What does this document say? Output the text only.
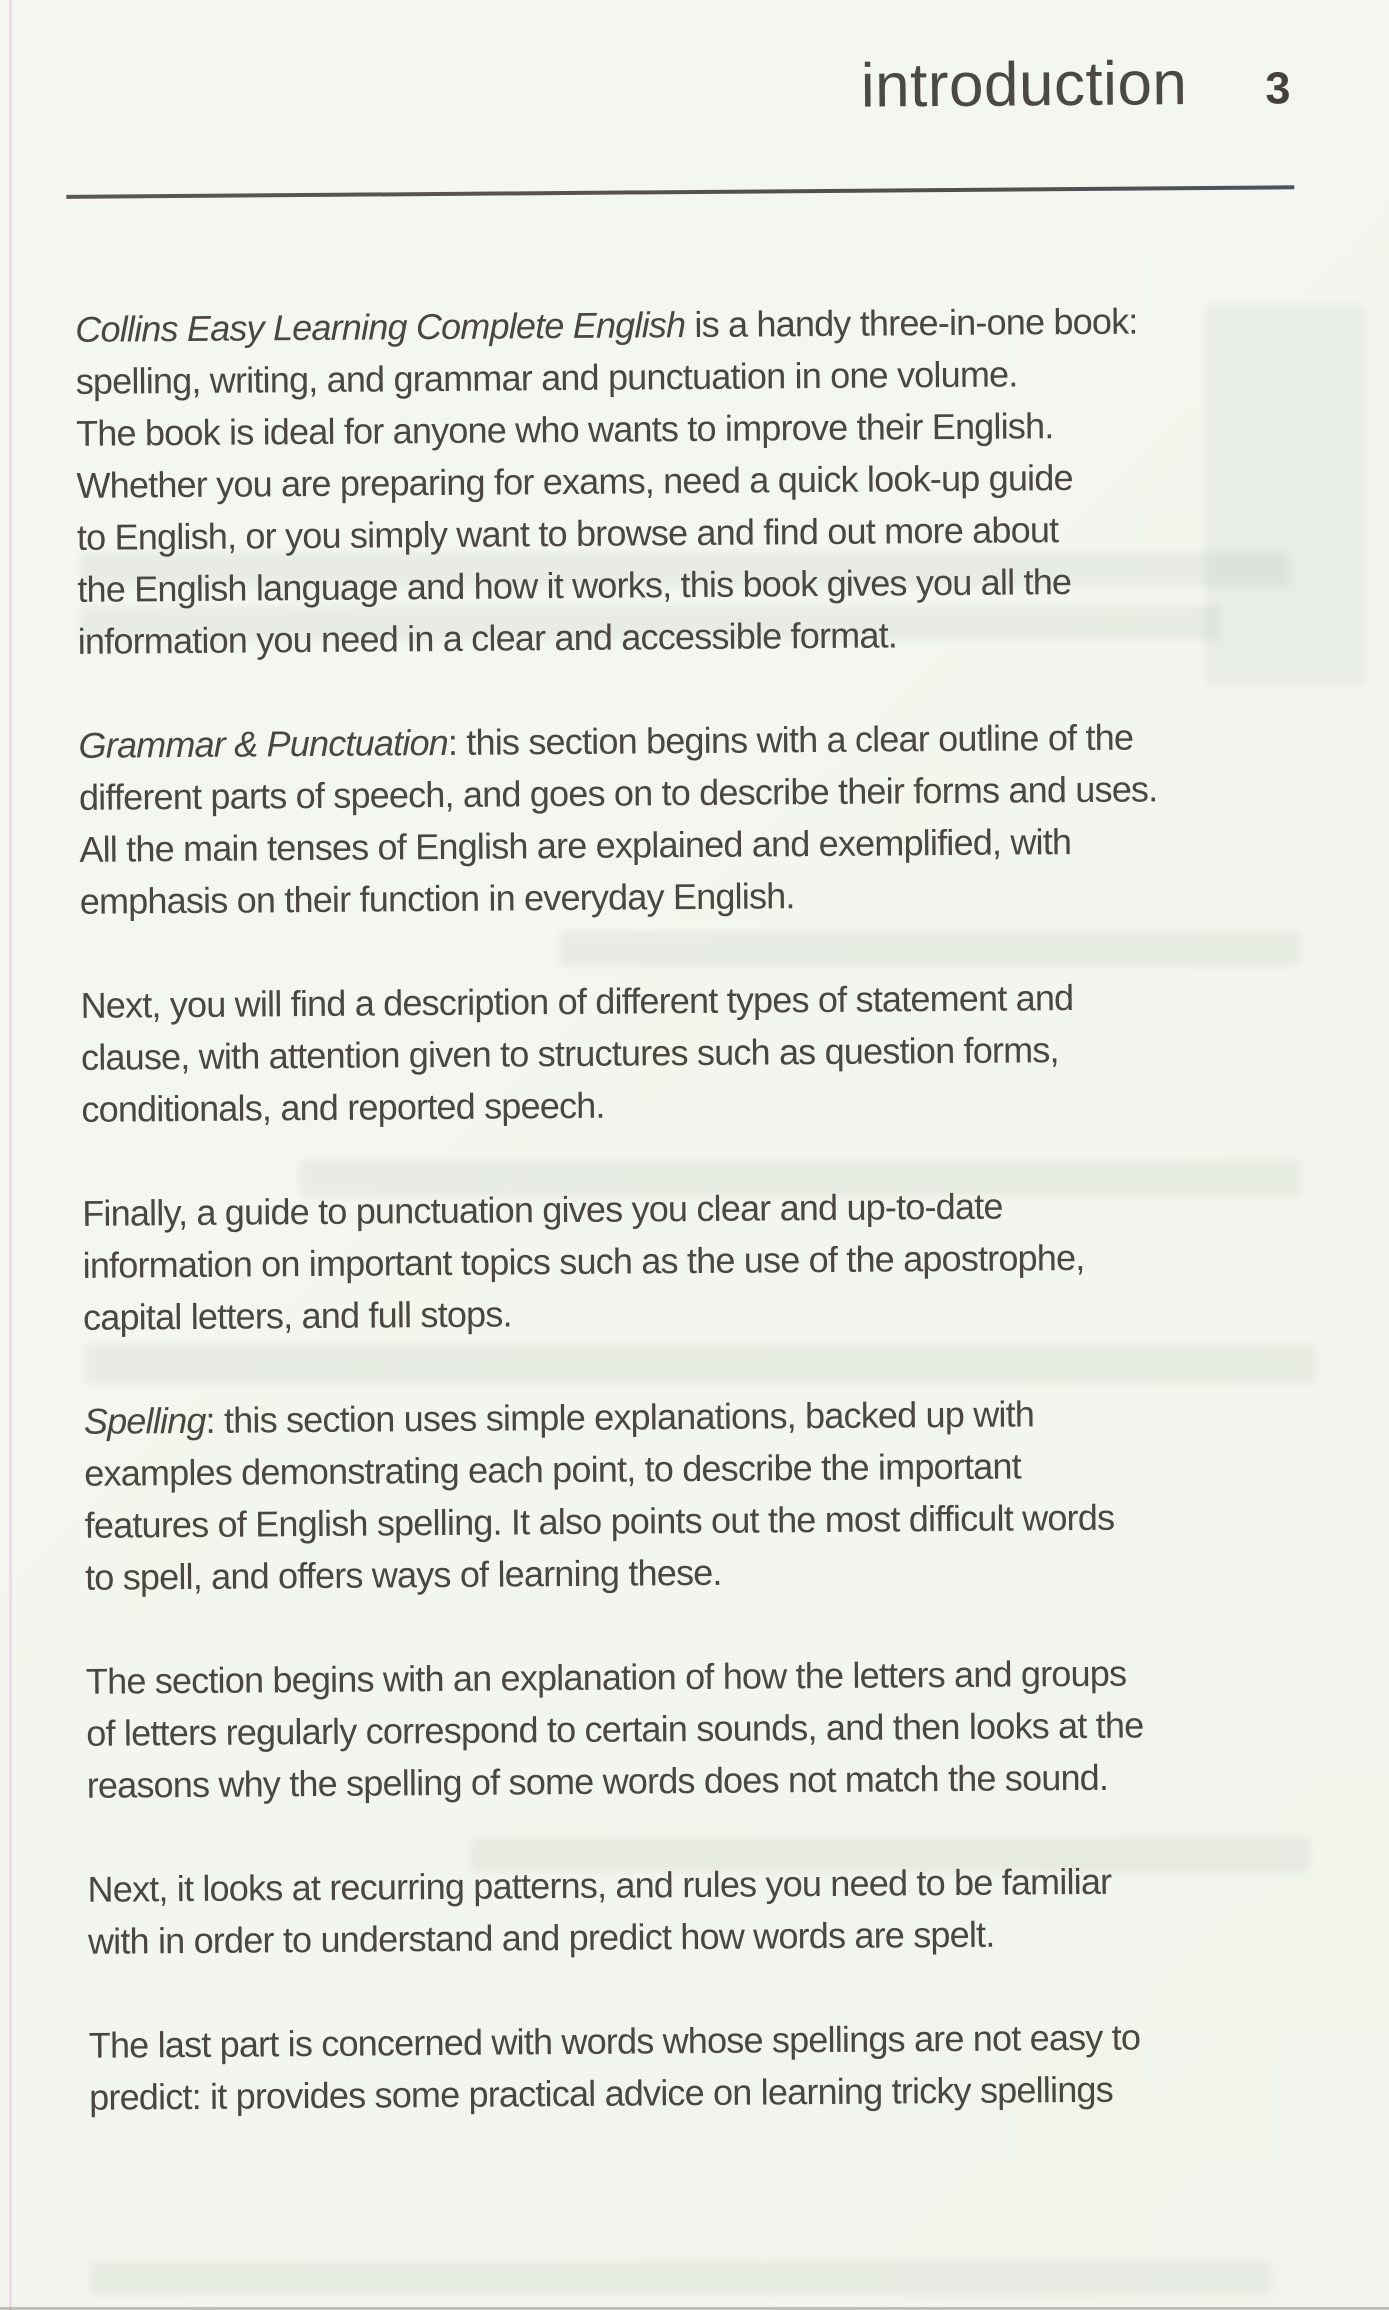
introduction 3

Collins Easy Learning Complete English is a handy three-in-one book:
spelling, writing, and grammar and punctuation in one volume.
The book is ideal for anyone who wants to improve their English.
Whether you are preparing for exams, need a quick look-up guide
to English, or you simply want to browse and find out more about
the English language and how it works, this book gives you all the
information you need in a clear and accessible format.

Grammar & Punctuation: this section begins with a clear outline of the
different parts of speech, and goes on to describe their forms and uses.
All the main tenses of English are explained and exemplified, with
emphasis on their function in everyday English.

Next, you will find a description of different types of statement and
clause, with attention given to structures such as question forms,
conditionals, and reported speech.

Finally, a guide to punctuation gives you clear and up-to-date
information on important topics such as the use of the apostrophe,
capital letters, and full stops.

Spelling: this section uses simple explanations, backed up with
examples demonstrating each point, to describe the important
features of English spelling. It also points out the most difficult words
to spell, and offers ways of learning these.

The section begins with an explanation of how the letters and groups
of letters regularly correspond to certain sounds, and then looks at the
reasons why the spelling of some words does not match the sound.

Next, it looks at recurring patterns, and rules you need to be familiar
with in order to understand and predict how words are spelt.

The last part is concerned with words whose spellings are not easy to
predict: it provides some practical advice on learning tricky spellings
